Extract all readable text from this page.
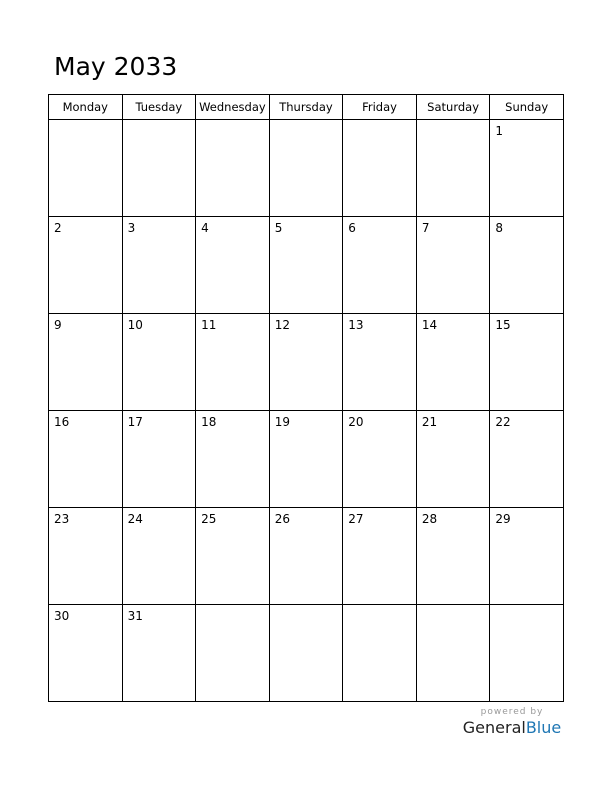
May 2033
Monday	Tuesday	Wednesday	Thursday	Friday	Saturday	Sunday

						1

2	3	4	5	6	7	8

9	10	11	12	13	14	15

16	17	18	19	20	21	22

23	24	25	26	27	28	29

30	31					

powered by
GeneralBlue
